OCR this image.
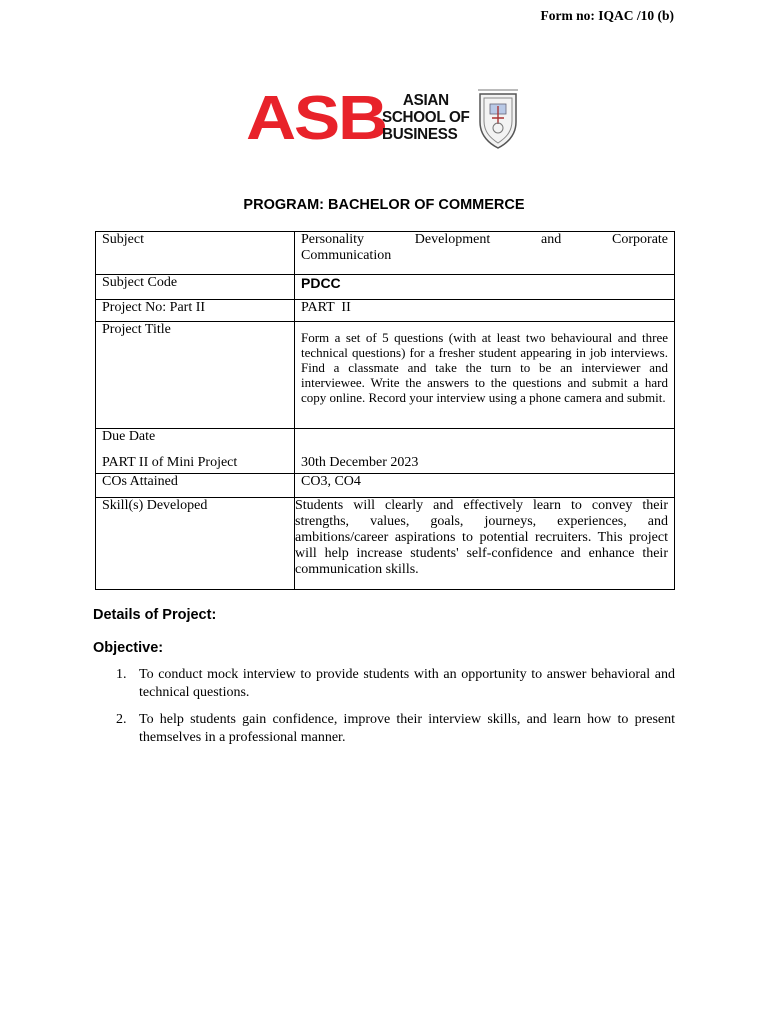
Form no: IQAC /10 (b)
ASB	ASIAN
SCHOOL OF
BUSINESS
PROGRAM: BACHELOR OF COMMERCE
Subject	Personality Development and Corporate
Communication

Subject Code	PDCC
Project No: Part II	PART  II
Project Title	Form a set of 5 questions (with at least two behavioural and three technical questions) for a fresher student appearing in job interviews. Find a classmate and take the turn to be an interviewer and interviewee. Write the answers to the questions and submit a hard copy online. Record your interview using a phone camera and submit.

Due Date
PART II of Mini Project	30th December 2023

COs Attained	CO3, CO4
Skill(s) Developed	Students will clearly and effectively learn to convey their strengths, values, goals, journeys, experiences, and ambitions/career aspirations to potential recruiters. This project will help increase students' self-confidence and enhance their communication skills.
Details of Project:
Objective:
1. To conduct mock interview to provide students with an opportunity to answer behavioral and technical questions.
2. To help students gain confidence, improve their interview skills, and learn how to present themselves in a professional manner.
